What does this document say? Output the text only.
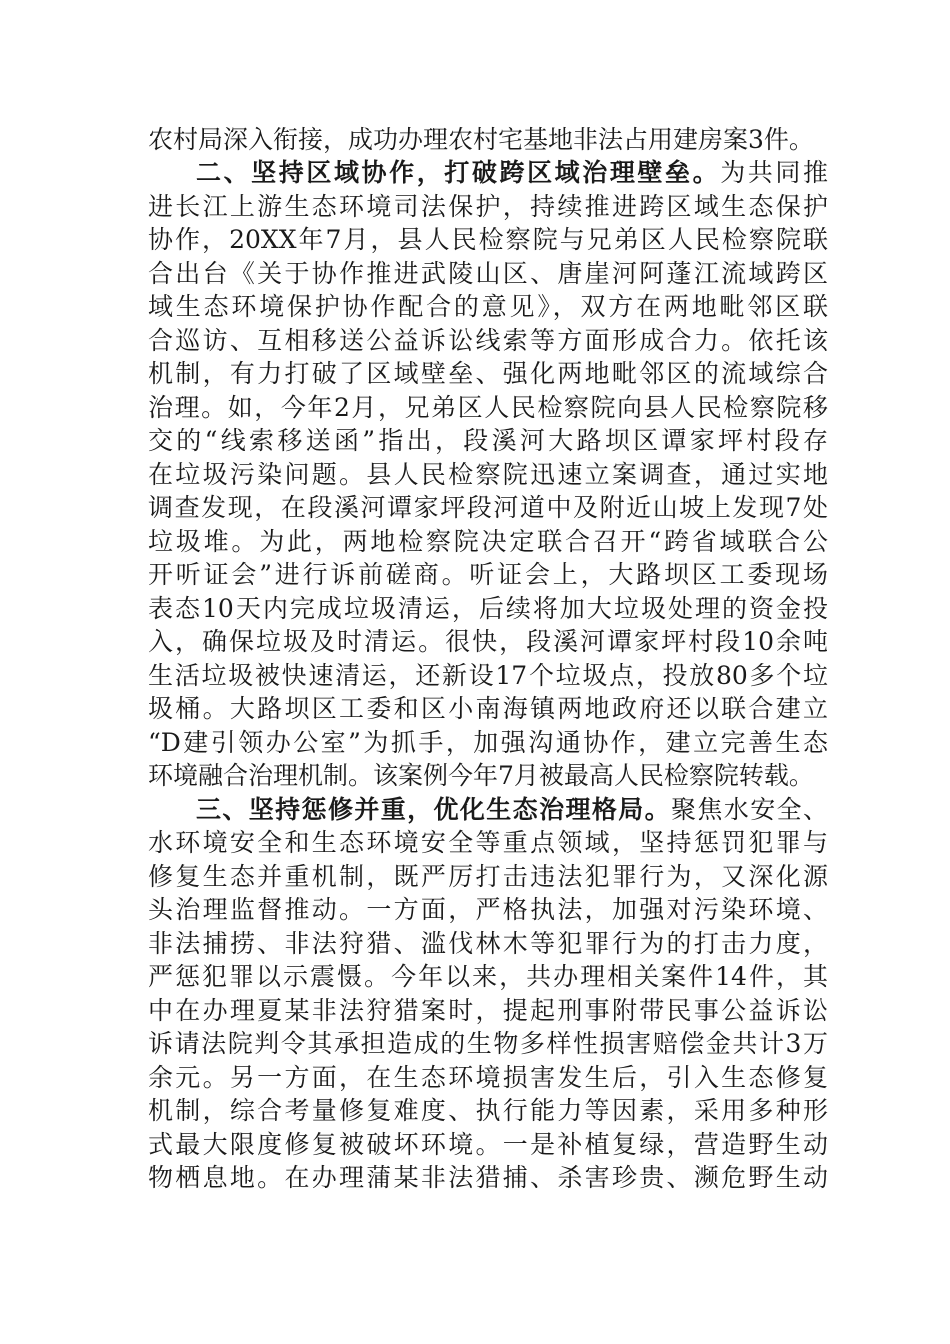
农村局深入衔接，成功办理农村宅基地非法占用建房案3件。
二、坚持区域协作，打破跨区域治理壁垒。为共同推
进长江上游生态环境司法保护，持续推进跨区域生态保护
协作，20XX年7月，县人民检察院与兄弟区人民检察院联
合出台《关于协作推进武陵山区、唐崖河阿蓬江流域跨区
域生态环境保护协作配合的意见》，双方在两地毗邻区联
合巡访、互相移送公益诉讼线索等方面形成合力。依托该
机制，有力打破了区域壁垒、强化两地毗邻区的流域综合
治理。如，今年2月，兄弟区人民检察院向县人民检察院移
交的“线索移送函”指出，段溪河大路坝区谭家坪村段存
在垃圾污染问题。县人民检察院迅速立案调查，通过实地
调查发现，在段溪河谭家坪段河道中及附近山坡上发现7处
垃圾堆。为此，两地检察院决定联合召开“跨省域联合公
开听证会”进行诉前磋商。听证会上，大路坝区工委现场
表态10天内完成垃圾清运，后续将加大垃圾处理的资金投
入，确保垃圾及时清运。很快，段溪河谭家坪村段10余吨
生活垃圾被快速清运，还新设17个垃圾点，投放80多个垃
圾桶。大路坝区工委和区小南海镇两地政府还以联合建立
“D建引领办公室”为抓手，加强沟通协作，建立完善生态
环境融合治理机制。该案例今年7月被最高人民检察院转载。
三、坚持惩修并重，优化生态治理格局。聚焦水安全、
水环境安全和生态环境安全等重点领域，坚持惩罚犯罪与
修复生态并重机制，既严厉打击违法犯罪行为，又深化源
头治理监督推动。一方面，严格执法，加强对污染环境、
非法捕捞、非法狩猎、滥伐林木等犯罪行为的打击力度，
严惩犯罪以示震慑。今年以来，共办理相关案件14件，其
中在办理夏某非法狩猎案时，提起刑事附带民事公益诉讼
诉请法院判令其承担造成的生物多样性损害赔偿金共计3万
余元。另一方面，在生态环境损害发生后，引入生态修复
机制，综合考量修复难度、执行能力等因素，采用多种形
式最大限度修复被破坏环境。一是补植复绿，营造野生动
物栖息地。在办理蒲某非法猎捕、杀害珍贵、濒危野生动
